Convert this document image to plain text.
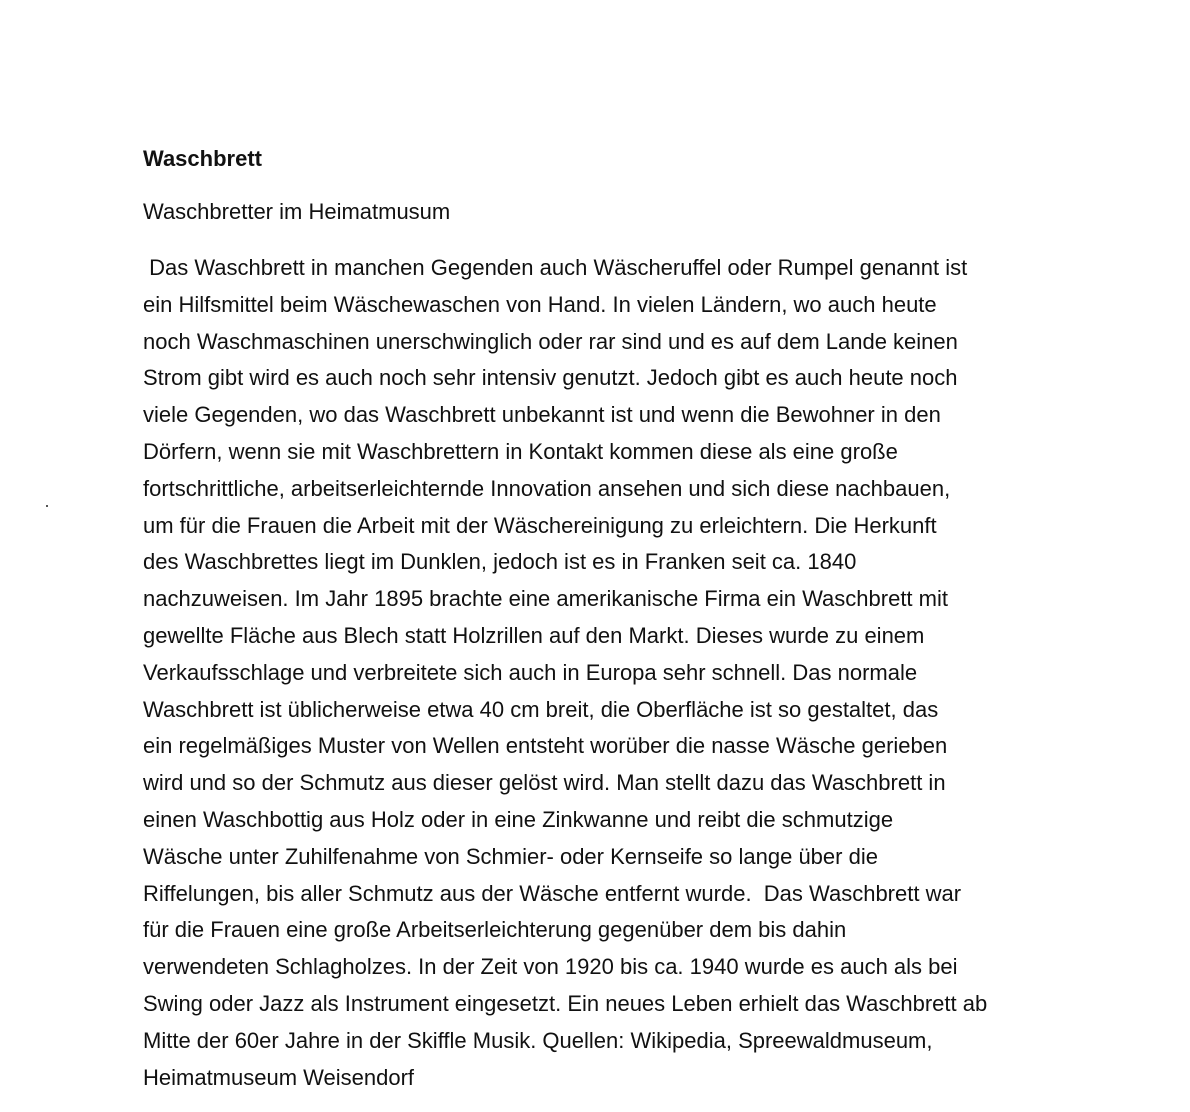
Waschbrett
Waschbretter im Heimatmusum
Das Waschbrett in manchen Gegenden auch Wäscheruffel oder Rumpel genannt ist
ein Hilfsmittel beim Wäschewaschen von Hand. In vielen Ländern, wo auch heute
noch Waschmaschinen unerschwinglich oder rar sind und es auf dem Lande keinen
Strom gibt wird es auch noch sehr intensiv genutzt. Jedoch gibt es auch heute noch
viele Gegenden, wo das Waschbrett unbekannt ist und wenn die Bewohner in den
Dörfern, wenn sie mit Waschbrettern in Kontakt kommen diese als eine große
fortschrittliche, arbeitserleichternde Innovation ansehen und sich diese nachbauen,
um für die Frauen die Arbeit mit der Wäschereinigung zu erleichtern. Die Herkunft
des Waschbrettes liegt im Dunklen, jedoch ist es in Franken seit ca. 1840
nachzuweisen. Im Jahr 1895 brachte eine amerikanische Firma ein Waschbrett mit
gewellte Fläche aus Blech statt Holzrillen auf den Markt. Dieses wurde zu einem
Verkaufsschlage und verbreitete sich auch in Europa sehr schnell. Das normale
Waschbrett ist üblicherweise etwa 40 cm breit, die Oberfläche ist so gestaltet, das
ein regelmäßiges Muster von Wellen entsteht worüber die nasse Wäsche gerieben
wird und so der Schmutz aus dieser gelöst wird. Man stellt dazu das Waschbrett in
einen Waschbottig aus Holz oder in eine Zinkwanne und reibt die schmutzige
Wäsche unter Zuhilfenahme von Schmier- oder Kernseife so lange über die
Riffelungen, bis aller Schmutz aus der Wäsche entfernt wurde.  Das Waschbrett war
für die Frauen eine große Arbeitserleichterung gegenüber dem bis dahin
verwendeten Schlagholzes. In der Zeit von 1920 bis ca. 1940 wurde es auch als bei
Swing oder Jazz als Instrument eingesetzt. Ein neues Leben erhielt das Waschbrett ab
Mitte der 60er Jahre in der Skiffle Musik. Quellen: Wikipedia, Spreewaldmuseum,
Heimatmuseum Weisendorf
